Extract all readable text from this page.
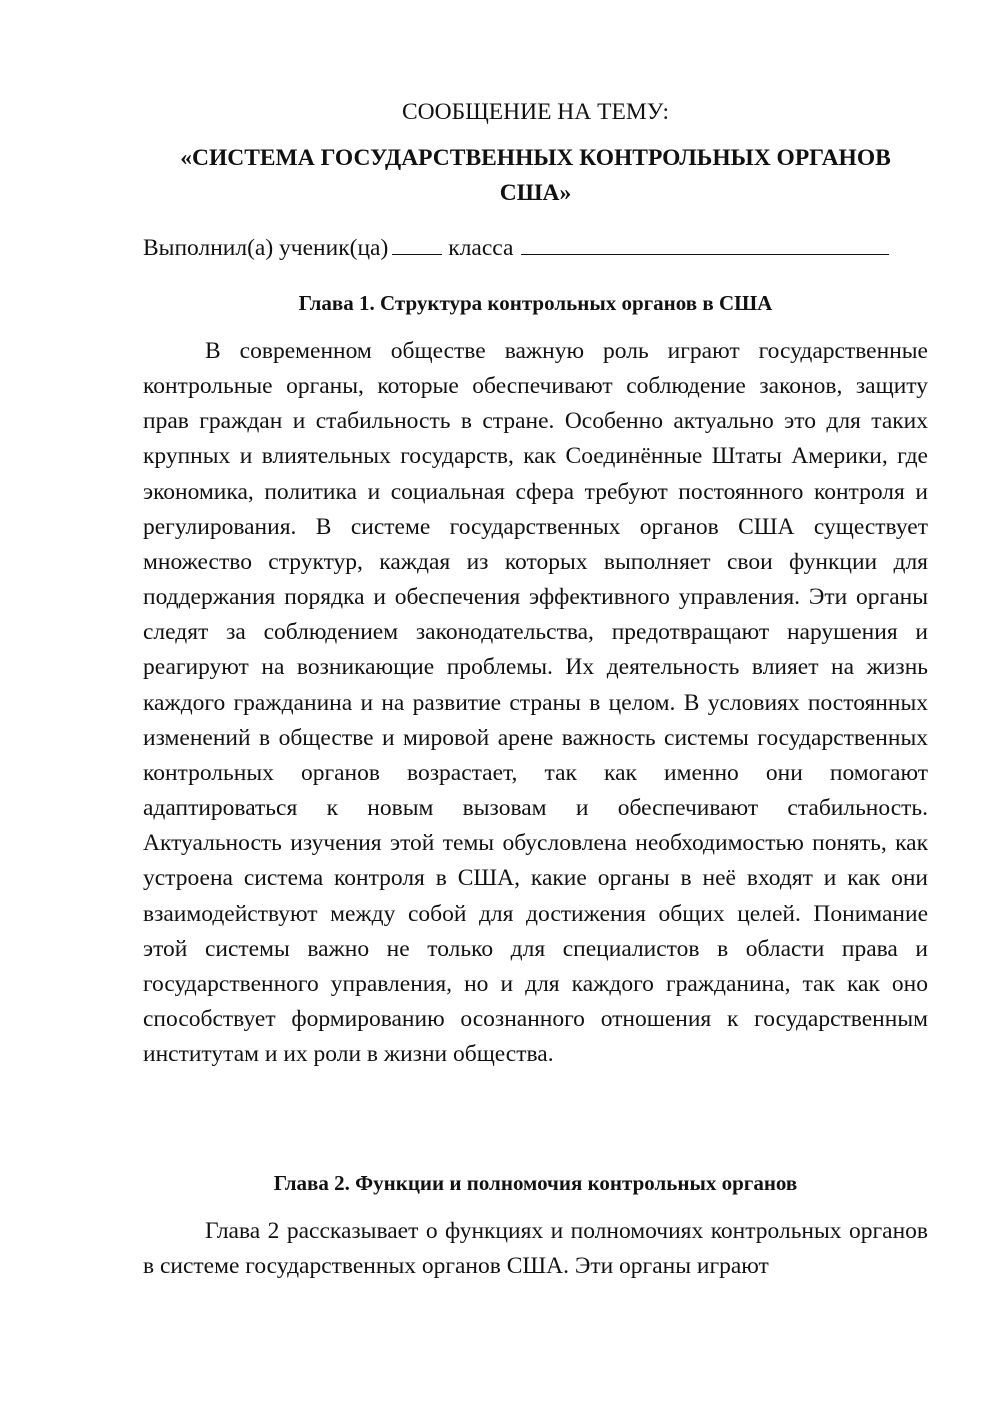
СООБЩЕНИЕ НА ТЕМУ:
«СИСТЕМА ГОСУДАРСТВЕННЫХ КОНТРОЛЬНЫХ ОРГАНОВ
США»
Выполнил(а) ученик(ца)	класса
Глава 1. Структура контрольных органов в США

В современном обществе важную роль играют государственные контрольные органы, которые обеспечивают соблюдение законов, защиту прав граждан и стабильность в стране. Особенно актуально это для таких крупных и влиятельных государств, как Соединённые Штаты Америки, где экономика, политика и социальная сфера требуют постоянного контроля и регулирования. В системе государственных органов США существует множество структур, каждая из которых выполняет свои функции для поддержания порядка и обеспечения эффективного управления. Эти органы следят за соблюдением законодательства, предотвращают нарушения и реагируют на возникающие проблемы. Их деятельность влияет на жизнь каждого гражданина и на развитие страны в целом. В условиях постоянных изменений в обществе и мировой арене важность системы государственных контрольных органов возрастает, так как именно они помогают адаптироваться к новым вызовам и обеспечивают стабильность. Актуальность изучения этой темы обусловлена необходимостью понять, как устроена система контроля в США, какие органы в неё входят и как они взаимодействуют между собой для достижения общих целей. Понимание этой системы важно не только для специалистов в области права и государственного управления, но и для каждого гражданина, так как оно способствует формированию осознанного отношения к государственным институтам и их роли в жизни общества.

Глава 2. Функции и полномочия контрольных органов

Глава 2 рассказывает о функциях и полномочиях контрольных органов в системе государственных органов США. Эти органы играют
